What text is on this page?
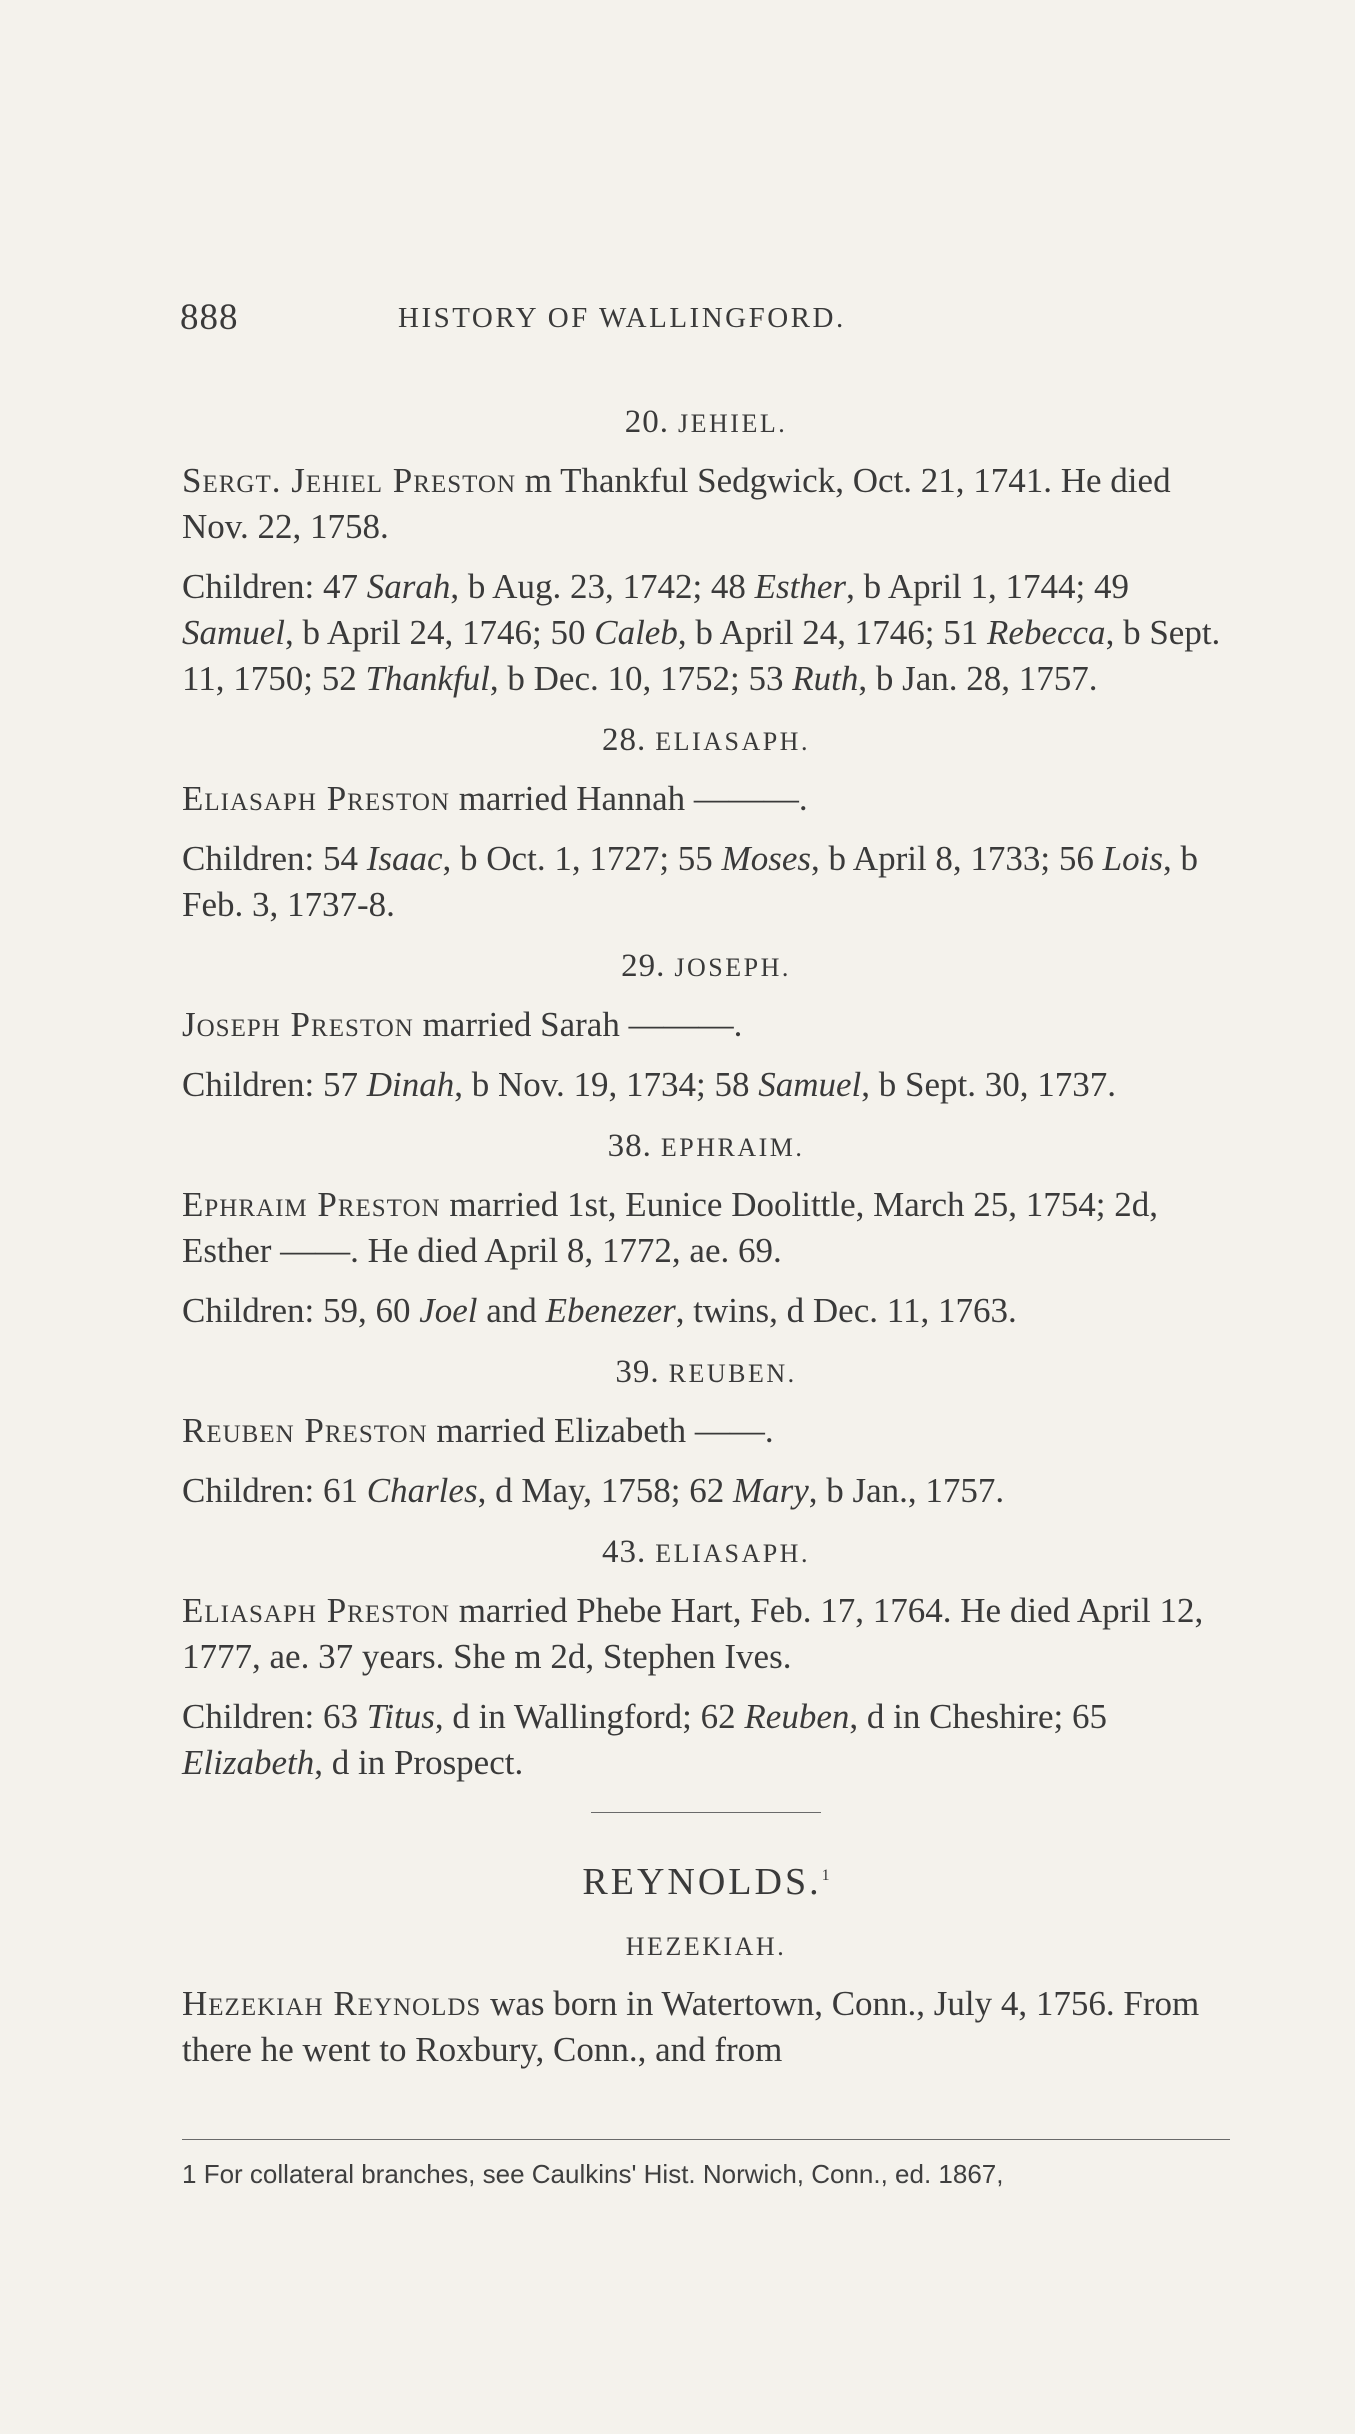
888	HISTORY OF WALLINGFORD.
20. JEHIEL.

Sergt. Jehiel Preston m Thankful Sedgwick, Oct. 21, 1741. He died Nov. 22, 1758.

Children: 47 Sarah, b Aug. 23, 1742; 48 Esther, b April 1, 1744; 49 Samuel, b April 24, 1746; 50 Caleb, b April 24, 1746; 51 Rebecca, b Sept. 11, 1750; 52 Thankful, b Dec. 10, 1752; 53 Ruth, b Jan. 28, 1757.

28. ELIASAPH.

Eliasaph Preston married Hannah ———.

Children: 54 Isaac, b Oct. 1, 1727; 55 Moses, b April 8, 1733; 56 Lois, b Feb. 3, 1737-8.

29. JOSEPH.

Joseph Preston married Sarah ———.

Children: 57 Dinah, b Nov. 19, 1734; 58 Samuel, b Sept. 30, 1737.

38. EPHRAIM.

Ephraim Preston married 1st, Eunice Doolittle, March 25, 1754; 2d, Esther ——. He died April 8, 1772, ae. 69.

Children: 59, 60 Joel and Ebenezer, twins, d Dec. 11, 1763.

39. REUBEN.

Reuben Preston married Elizabeth ——.

Children: 61 Charles, d May, 1758; 62 Mary, b Jan., 1757.

43. ELIASAPH.

Eliasaph Preston married Phebe Hart, Feb. 17, 1764. He died April 12, 1777, ae. 37 years. She m 2d, Stephen Ives.

Children: 63 Titus, d in Wallingford; 62 Reuben, d in Cheshire; 65 Elizabeth, d in Prospect.

REYNOLDS.$^1$
HEZEKIAH.

Hezekiah Reynolds was born in Watertown, Conn., July 4, 1756. From there he went to Roxbury, Conn., and from

1 For collateral branches, see Caulkins' Hist. Norwich, Conn., ed. 1867,
